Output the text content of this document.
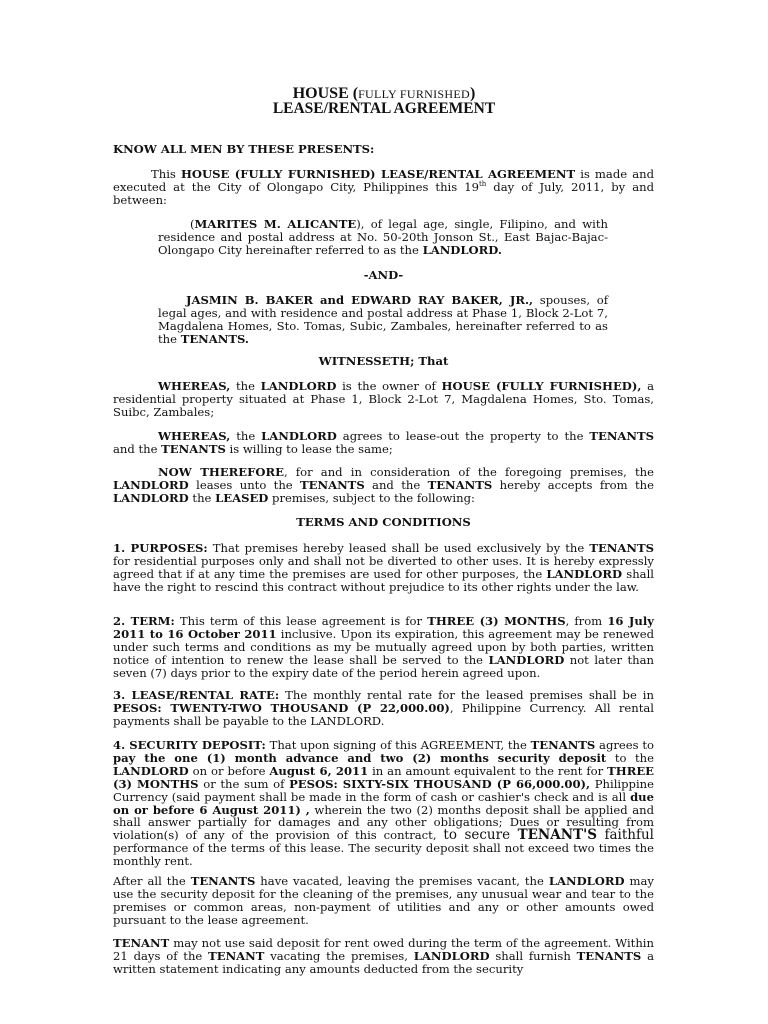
HOUSE (FULLY FURNISHED)
LEASE/RENTAL AGREEMENT
KNOW ALL MEN BY THESE PRESENTS:

This HOUSE (FULLY FURNISHED) LEASE/RENTAL AGREEMENT is made and executed at the City of Olongapo City, Philippines this 19th day of July, 2011, by and between:

(MARITES M. ALICANTE), of legal age, single, Filipino, and with residence and postal address at No. 50-20th Jonson St., East Bajac-Bajac- Olongapo City hereinafter referred to as the LANDLORD.

-AND-

JASMIN B. BAKER and EDWARD RAY BAKER, JR., spouses, of legal ages, and with residence and postal address at Phase 1, Block 2-Lot 7, Magdalena Homes, Sto. Tomas, Subic, Zambales, hereinafter referred to as the TENANTS.

WITNESSETH; That

WHEREAS, the LANDLORD is the owner of HOUSE (FULLY FURNISHED), a residential property situated at Phase 1, Block 2-Lot 7, Magdalena Homes, Sto. Tomas, Suibc, Zambales;

WHEREAS, the LANDLORD agrees to lease-out the property to the TENANTS and the TENANTS is willing to lease the same;

NOW THEREFORE, for and in consideration of the foregoing premises, the LANDLORD leases unto the TENANTS and the TENANTS hereby accepts from the LANDLORD the LEASED premises, subject to the following:

TERMS AND CONDITIONS

1. PURPOSES: That premises hereby leased shall be used exclusively by the TENANTS for residential purposes only and shall not be diverted to other uses. It is hereby expressly agreed that if at any time the premises are used for other purposes, the LANDLORD shall have the right to rescind this contract without prejudice to its other rights under the law.

2. TERM: This term of this lease agreement is for THREE (3) MONTHS, from 16 July 2011 to 16 October 2011 inclusive. Upon its expiration, this agreement may be renewed under such terms and conditions as my be mutually agreed upon by both parties, written notice of intention to renew the lease shall be served to the LANDLORD not later than seven (7) days prior to the expiry date of the period herein agreed upon.

3. LEASE/RENTAL RATE: The monthly rental rate for the leased premises shall be in PESOS: TWENTY-TWO THOUSAND (P 22,000.00), Philippine Currency. All rental payments shall be payable to the LANDLORD.

4. SECURITY DEPOSIT: That upon signing of this AGREEMENT, the TENANTS agrees to pay the one (1) month advance and two (2) months security deposit to the LANDLORD on or before August 6, 2011 in an amount equivalent to the rent for THREE (3) MONTHS or the sum of PESOS: SIXTY-SIX THOUSAND (P 66,000.00), Philippine Currency (said payment shall be made in the form of cash or cashier's check and is all due on or before 6 August 2011) , wherein the two (2) months deposit shall be applied and shall answer partially for damages and any other obligations; Dues or resulting from violation(s) of any of the provision of this contract, to secure TENANT'S faithful performance of the terms of this lease. The security deposit shall not exceed two times the monthly rent.

After all the TENANTS have vacated, leaving the premises vacant, the LANDLORD may use the security deposit for the cleaning of the premises, any unusual wear and tear to the premises or common areas, non-payment of utilities and any or other amounts owed pursuant to the lease agreement.

TENANT may not use said deposit for rent owed during the term of the agreement. Within 21 days of the TENANT vacating the premises, LANDLORD shall furnish TENANTS a written statement indicating any amounts deducted from the security
